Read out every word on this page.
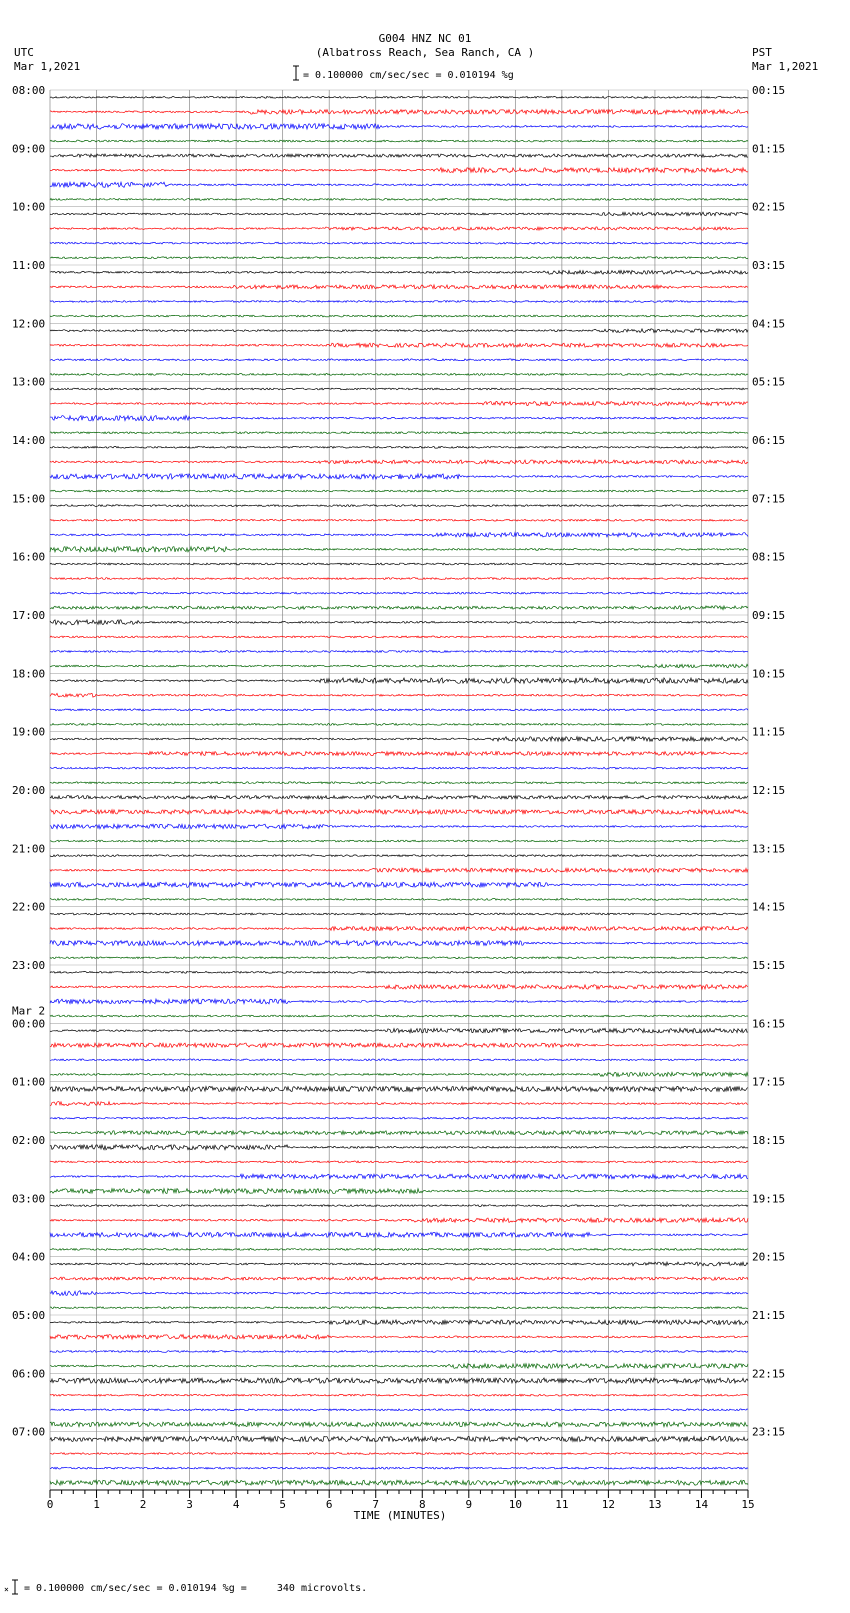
0	1	2	3	4	5	6	7	8	9	10	11	12	13	14	15
08:00
09:00
10:00
11:00
12:00
13:00
14:00
15:00
16:00
17:00
18:00
19:00
20:00
21:00
22:00
23:00
00:00
01:00
02:00
03:00
04:00
05:00
06:00
07:00
00:15
01:15
02:15
03:15
04:15
05:15
06:15
07:15
08:15
09:15
10:15
11:15
12:15
13:15
14:15
15:15
16:15
17:15
18:15
19:15
20:15
21:15
22:15
23:15
Mar 2
×
G004 HNZ NC 01
(Albatross Reach, Sea Ranch, CA )
= 0.100000 cm/sec/sec = 0.010194 %g
UTC
Mar 1,2021
PST
Mar 1,2021
TIME (MINUTES)
= 0.100000 cm/sec/sec = 0.010194 %g =     340 microvolts.
